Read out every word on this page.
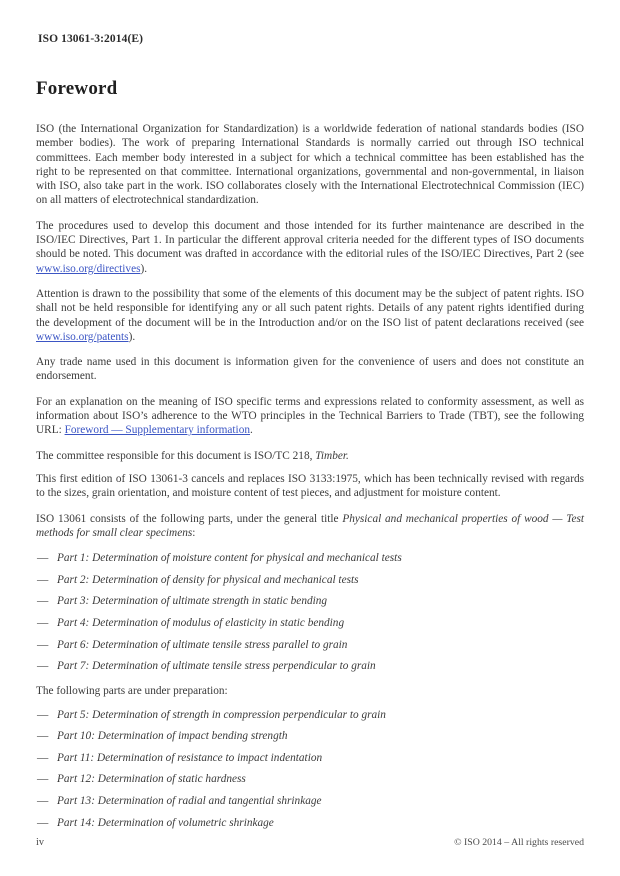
ISO 13061-3:2014(E)
Foreword

ISO (the International Organization for Standardization) is a worldwide federation of national standards bodies (ISO member bodies). The work of preparing International Standards is normally carried out through ISO technical committees. Each member body interested in a subject for which a technical committee has been established has the right to be represented on that committee. International organizations, governmental and non-governmental, in liaison with ISO, also take part in the work. ISO collaborates closely with the International Electrotechnical Commission (IEC) on all matters of electrotechnical standardization.

The procedures used to develop this document and those intended for its further maintenance are described in the ISO/IEC Directives, Part 1. In particular the different approval criteria needed for the different types of ISO documents should be noted. This document was drafted in accordance with the editorial rules of the ISO/IEC Directives, Part 2 (see www.iso.org/directives).

Attention is drawn to the possibility that some of the elements of this document may be the subject of patent rights. ISO shall not be held responsible for identifying any or all such patent rights. Details of any patent rights identified during the development of the document will be in the Introduction and/or on the ISO list of patent declarations received (see www.iso.org/patents).

Any trade name used in this document is information given for the convenience of users and does not constitute an endorsement.

For an explanation on the meaning of ISO specific terms and expressions related to conformity assessment, as well as information about ISO’s adherence to the WTO principles in the Technical Barriers to Trade (TBT), see the following URL: Foreword — Supplementary information.

The committee responsible for this document is ISO/TC 218, Timber.

This first edition of ISO 13061-3 cancels and replaces ISO 3133:1975, which has been technically revised with regards to the sizes, grain orientation, and moisture content of test pieces, and adjustment for moisture content.

ISO 13061 consists of the following parts, under the general title Physical and mechanical properties of wood — Test methods for small clear specimens:

— Part 1: Determination of moisture content for physical and mechanical tests
— Part 2: Determination of density for physical and mechanical tests
— Part 3: Determination of ultimate strength in static bending
— Part 4: Determination of modulus of elasticity in static bending
— Part 6: Determination of ultimate tensile stress parallel to grain
— Part 7: Determination of ultimate tensile stress perpendicular to grain

The following parts are under preparation:

— Part 5: Determination of strength in compression perpendicular to grain
— Part 10: Determination of impact bending strength
— Part 11: Determination of resistance to impact indentation
— Part 12: Determination of static hardness
— Part 13: Determination of radial and tangential shrinkage
— Part 14: Determination of volumetric shrinkage
iv	© ISO 2014 – All rights reserved
